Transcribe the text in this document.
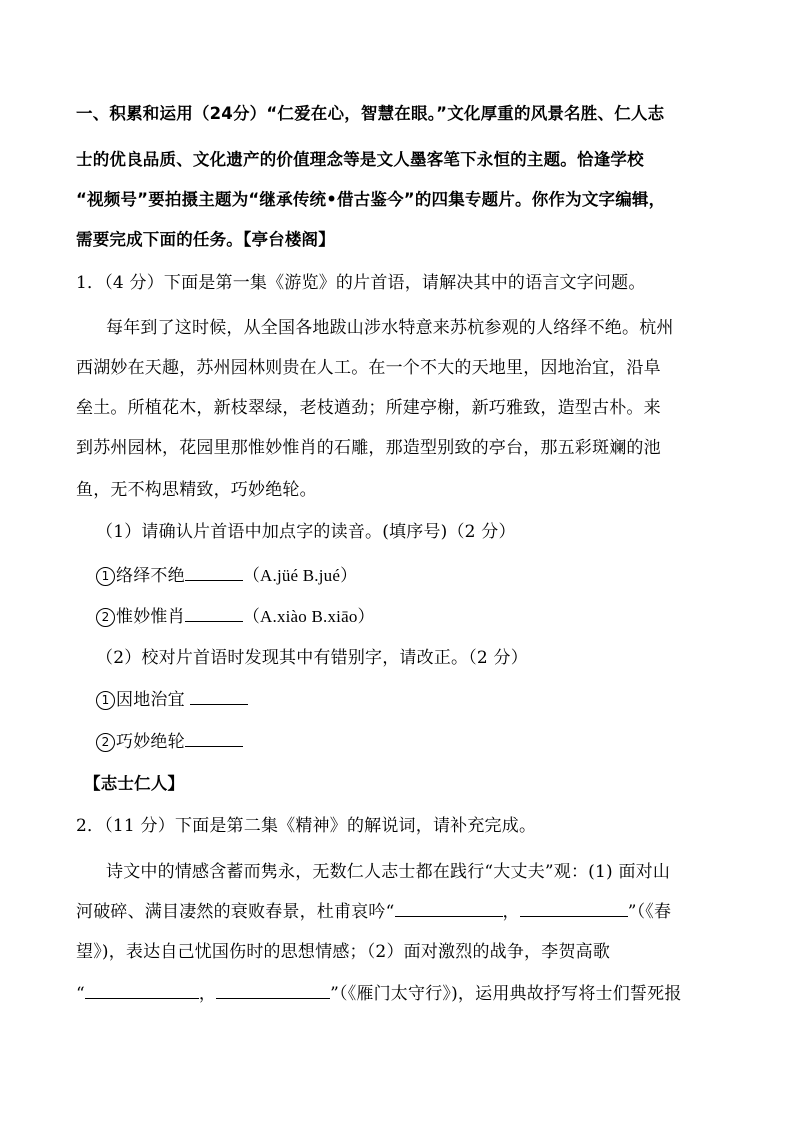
一、积累和运用（24分）“仁爱在心，智慧在眼。”文化厚重的风景名胜、仁人志
士的优良品质、文化遗产的价值理念等是文人墨客笔下永恒的主题。恰逢学校
“视频号”要拍摄主题为“继承传统•借古鉴今”的四集专题片。你作为文字编辑，
需要完成下面的任务。【亭台楼阁】
1．（4 分）下面是第一集《游览》的片首语，请解决其中的语言文字问题。
每年到了这时候，从全国各地跋山涉水特意来苏杭参观的人络绎不绝。杭州
西湖妙在天趣，苏州园林则贵在人工。在一个不大的天地里，因地治宜，沿阜
垒土。所植花木，新枝翠绿，老枝遒劲；所建亭榭，新巧雅致，造型古朴。来
到苏州园林，花园里那惟妙惟肖的石雕，那造型别致的亭台，那五彩斑斓的池
鱼，无不构思精致，巧妙绝轮。
（1）请确认片首语中加点字的读音。(填序号)（2 分）
1 络绎不绝	（A.jüé B.jué）
2 惟妙惟肖	（A.xiào B.xiāo）
（2）校对片首语时发现其中有错别字，请改正。（2 分）
1 因地治宜
2 巧妙绝轮
【志士仁人】
2．（11 分）下面是第二集《精神》的解说词，请补充完成。
诗文中的情感含蓄而隽永，无数仁人志士都在践行“大丈夫”观：(1) 面对山
河破碎、满目凄然的衰败春景，杜甫哀吟“	，	”（《春
望》)，表达自己忧国伤时的思想情感；（2）面对激烈的战争，李贺高歌
“	，	”（《雁门太守行》)，运用典故抒写将士们誓死报
